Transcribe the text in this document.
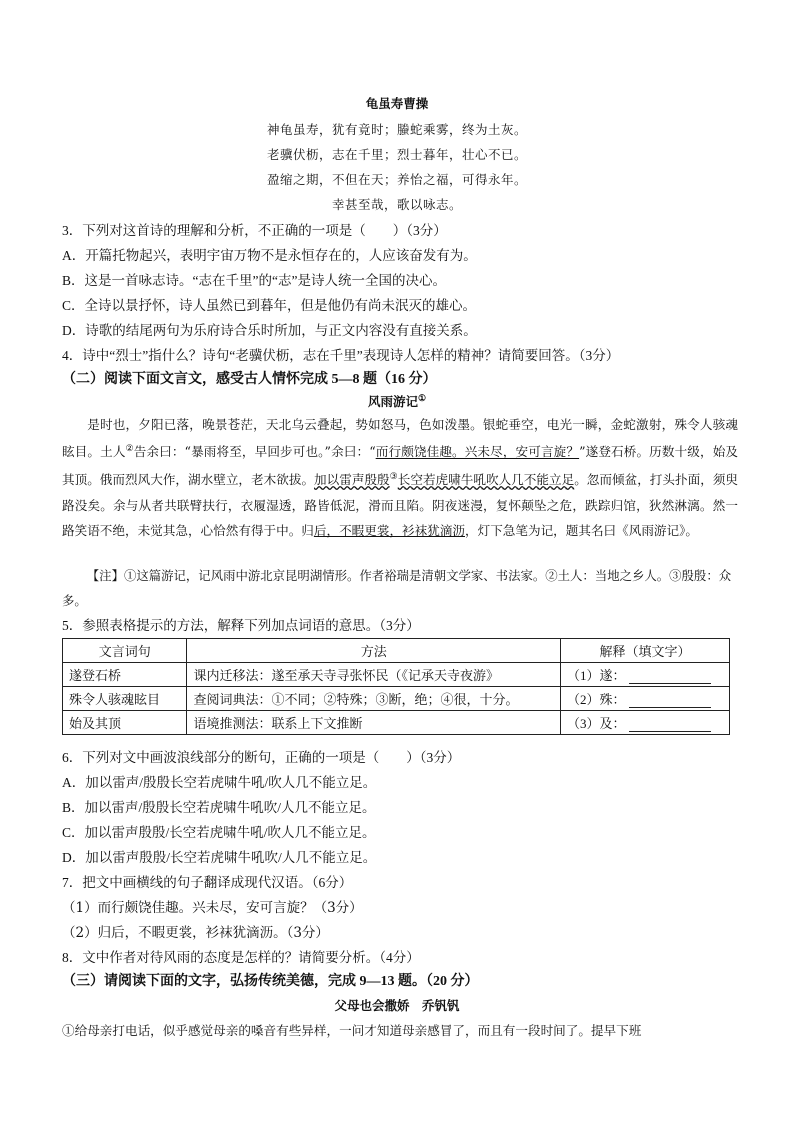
龟虽寿曹操
神龟虽寿，犹有竟时；螣蛇乘雾，终为土灰。
老骥伏枥，志在千里；烈士暮年，壮心不已。
盈缩之期，不但在天；养怡之福，可得永年。
幸甚至哉，歌以咏志。
3．下列对这首诗的理解和分析，不正确的一项是（　　）（3分）
A．开篇托物起兴，表明宇宙万物不是永恒存在的，人应该奋发有为。
B．这是一首咏志诗。“志在千里”的“志”是诗人统一全国的决心。
C．全诗以景抒怀，诗人虽然已到暮年，但是他仍有尚未泯灭的雄心。
D．诗歌的结尾两句为乐府诗合乐时所加，与正文内容没有直接关系。
4．诗中“烈士”指什么？诗句“老骥伏枥，志在千里”表现诗人怎样的精神？请简要回答。（3分）
（二）阅读下面文言文，感受古人情怀完成 5—8 题（16 分）
风雨游记①
是时也，夕阳已落，晚景苍茫，天北乌云叠起，势如怒马，色如泼墨。银蛇垂空，电光一瞬，金蛇激射，殊令人骇魂眩目。土人②告余曰：“暴雨将至，早回步可也。”余曰：“而行颇饶佳趣。兴未尽，安可言旋？”遂登石桥。历数十级，始及其顶。俄而烈风大作，湖水壁立，老木欲拔。加以雷声殷殷③长空若虎啸牛吼吹人几不能立足。忽而倾盆，打头扑面，须臾路没矣。余与从者共联臂扶行，衣履湿透，路皆低泥，滑而且陷。阴夜迷漫，复怀颠坠之危，跌踪归馆，狄然淋漓。然一路笑语不绝，未觉其急，心恰然有得于中。归后，不暇更裳，衫袜犹滴沥，灯下急笔为记，题其名曰《风雨游记》。
【注】①这篇游记，记风雨中游北京昆明湖情形。作者裕瑞是清朝文学家、书法家。②土人：当地之乡人。③殷殷：众多。
5．参照表格提示的方法，解释下列加点词语的意思。（3分）
文言词句	方法	解释（填文字）
遂登石桥	课内迁移法：遂至承天寺寻张怀民（《记承天寺夜游》	（1）遂：
殊令人骇魂眩目	查阅词典法：①不同；②特殊；③断，绝；④很，十分。	（2）殊：
始及其顶	语境推测法：联系上下文推断	（3）及：
6．下列对文中画波浪线部分的断句，正确的一项是（　　）（3分）
A．加以雷声/殷殷长空若虎啸牛吼/吹人几不能立足。
B．加以雷声/殷殷长空若虎啸牛吼吹/人几不能立足。
C．加以雷声殷殷/长空若虎啸牛吼/吹人几不能立足。
D．加以雷声殷殷/长空若虎啸牛吼吹/人几不能立足。
7．把文中画横线的句子翻译成现代汉语。（6分）
（1）而行颇饶佳趣。兴未尽，安可言旋？（3分）
（2）归后，不暇更裳，衫袜犹滴沥。（3分）
8．文中作者对待风雨的态度是怎样的？请简要分析。（4分）
（三）请阅读下面的文字，弘扬传统美德，完成 9—13 题。（20 分）
父母也会撒娇　乔钒钒
①给母亲打电话，似乎感觉母亲的嗓音有些异样，一问才知道母亲感冒了，而且有一段时间了。提早下班
